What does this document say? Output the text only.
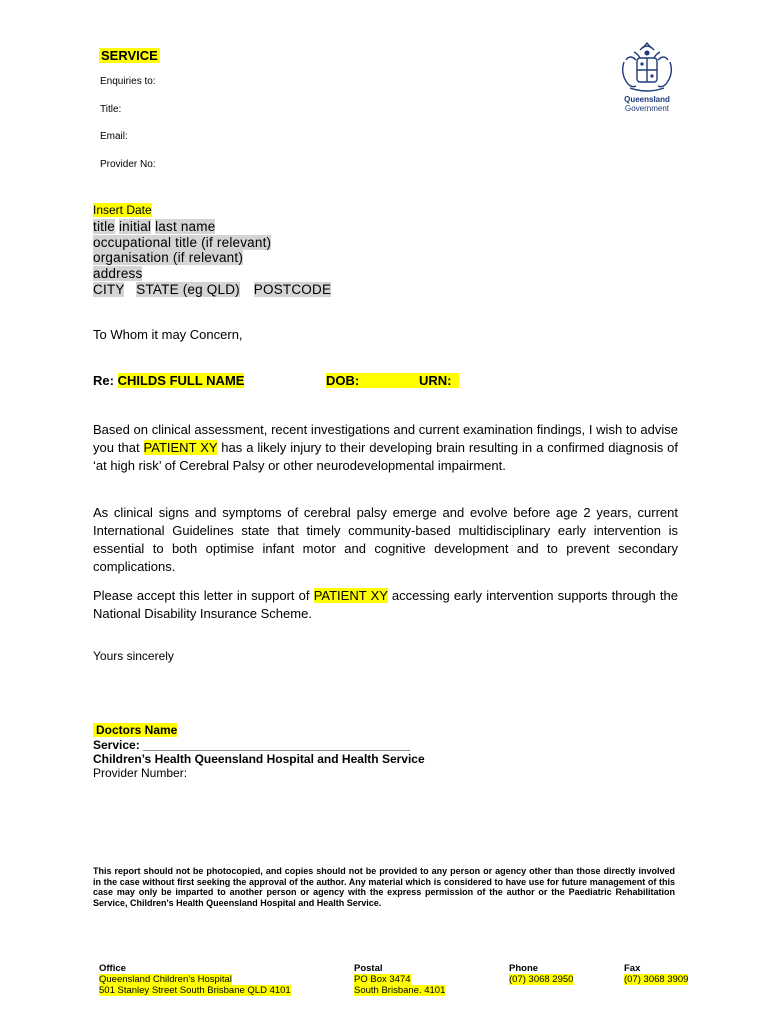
SERVICE
Enquiries to:
Title:
Email:
Provider No:
Queensland
Government
Insert Date
title initial last name
occupational title (if relevant)
organisation (if relevant)
address
CITY STATE (eg QLD) POSTCODE
To Whom it may Concern,
Re: CHILDS FULL NAME	DOB:	URN:
Based on clinical assessment, recent investigations and current examination findings, I wish to advise you that PATIENT XY has a likely injury to their developing brain resulting in a confirmed diagnosis of ‘at high risk’ of Cerebral Palsy or other neurodevelopmental impairment.
As clinical signs and symptoms of cerebral palsy emerge and evolve before age 2 years, current International Guidelines state that timely community-based multidisciplinary early intervention is essential to both optimise infant motor and cognitive development and to prevent secondary complications.
Please accept this letter in support of PATIENT XY accessing early intervention supports through the National Disability Insurance Scheme.
Yours sincerely
Doctors Name
Service: ________________________________________
Children’s Health Queensland Hospital and Health Service
Provider Number:
This report should not be photocopied, and copies should not be provided to any person or agency other than those directly involved in the case without first seeking the approval of the author. Any material which is considered to have use for future management of this case may only be imparted to another person or agency with the express permission of the author or the Paediatric Rehabilitation Service, Children's Health Queensland Hospital and Health Service.
Office
Queensland Children’s Hospital
501 Stanley Street South Brisbane QLD 4101
Postal
PO Box 3474
South Brisbane. 4101
Phone
(07) 3068 2950
Fax
(07) 3068 3909
